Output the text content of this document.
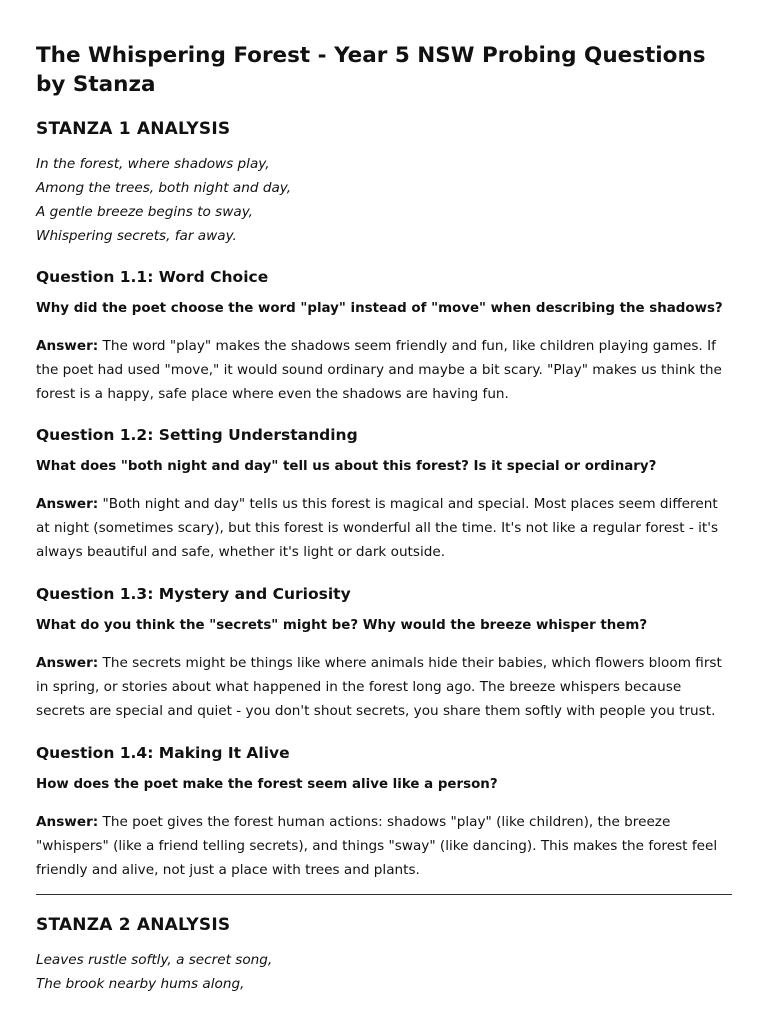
The Whispering Forest - Year 5 NSW Probing Questions by Stanza
STANZA 1 ANALYSIS
In the forest, where shadows play,
Among the trees, both night and day,
A gentle breeze begins to sway,
Whispering secrets, far away.
Question 1.1: Word Choice
Why did the poet choose the word "play" instead of "move" when describing the shadows?
Answer: The word "play" makes the shadows seem friendly and fun, like children playing games. If the poet had used "move," it would sound ordinary and maybe a bit scary. "Play" makes us think the forest is a happy, safe place where even the shadows are having fun.
Question 1.2: Setting Understanding
What does "both night and day" tell us about this forest? Is it special or ordinary?
Answer: "Both night and day" tells us this forest is magical and special. Most places seem different at night (sometimes scary), but this forest is wonderful all the time. It's not like a regular forest - it's always beautiful and safe, whether it's light or dark outside.
Question 1.3: Mystery and Curiosity
What do you think the "secrets" might be? Why would the breeze whisper them?
Answer: The secrets might be things like where animals hide their babies, which flowers bloom first in spring, or stories about what happened in the forest long ago. The breeze whispers because secrets are special and quiet - you don't shout secrets, you share them softly with people you trust.
Question 1.4: Making It Alive
How does the poet make the forest seem alive like a person?
Answer: The poet gives the forest human actions: shadows "play" (like children), the breeze "whispers" (like a friend telling secrets), and things "sway" (like dancing). This makes the forest feel friendly and alive, not just a place with trees and plants.
STANZA 2 ANALYSIS
Leaves rustle softly, a secret song,
The brook nearby hums along,
